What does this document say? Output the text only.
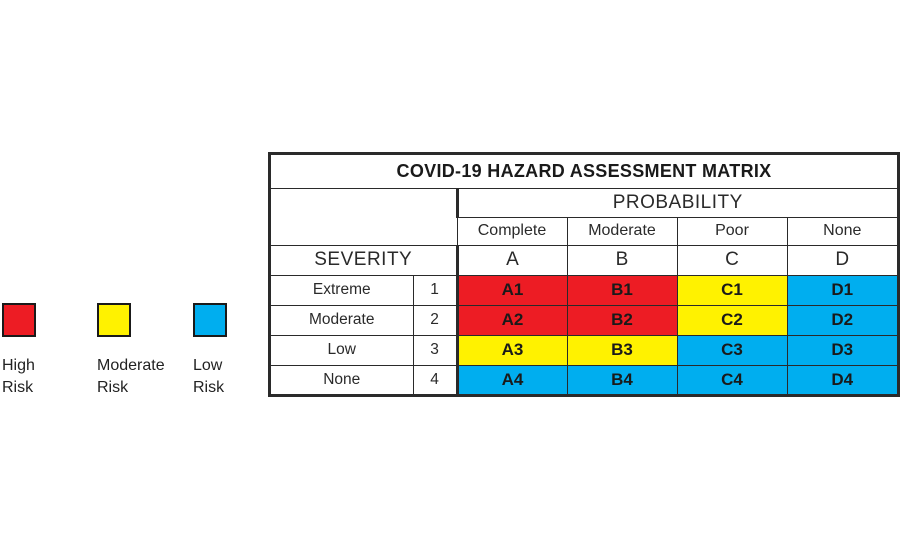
High
Risk
Moderate
Risk
Low
Risk
COVID-19 HAZARD ASSESSMENT MATRIX					
		PROBABILITY			
		Complete	Moderate	Poor	None
SEVERITY		A	B	C	D
Extreme	1	A1	B1	C1	D1
Moderate	2	A2	B2	C2	D2
Low	3	A3	B3	C3	D3
None	4	A4	B4	C4	D4
